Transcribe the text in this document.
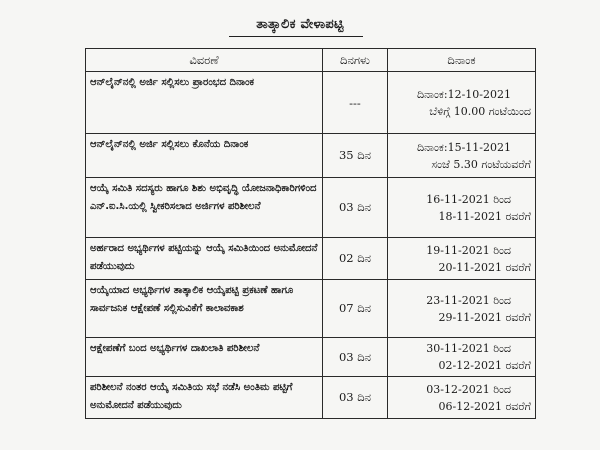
ತಾತ್ಕಾಲಿಕ ವೇಳಾಪಟ್ಟಿ
ವಿವರಣೆ	ದಿನಗಳು	ದಿನಾಂಕ
ಆನ್‌ಲೈನ್‌ನಲ್ಲಿ ಅರ್ಜಿ ಸಲ್ಲಿಸಲು ಪ್ರಾರಂಭದ ದಿನಾಂಕ	---	ದಿನಾಂಕ:12-10-2021
ಬೆಳಿಗ್ಗೆ 10.00 ಗಂಟೆಯಿಂದ

ಆನ್‌ಲೈನ್‌ನಲ್ಲಿ ಅರ್ಜಿ ಸಲ್ಲಿಸಲು ಕೊನೆಯ ದಿನಾಂಕ	35 ದಿನ	ದಿನಾಂಕ:15-11-2021
ಸಂಜೆ 5.30 ಗಂಟೆಯವರೆಗೆ

ಆಯ್ಕೆ ಸಮಿತಿ ಸದಸ್ಯರು ಹಾಗೂ ಶಿಶು ಅಭಿವೃದ್ಧಿ ಯೋಜನಾಧಿಕಾರಿಗಳಿಂದ ಎನ್.ಐ.ಸಿ.ಯಲ್ಲಿ ಸ್ವೀಕರಿಸಲಾದ ಅರ್ಜಿಗಳ ಪರಿಶೀಲನೆ	03 ದಿನ	16-11-2021 ರಿಂದ
18-11-2021 ರವರೆಗೆ

ಅರ್ಹರಾದ ಅಭ್ಯರ್ಥಿಗಳ ಪಟ್ಟಿಯನ್ನು ಆಯ್ಕೆ ಸಮಿತಿಯಿಂದ ಅನುಮೋದನೆ ಪಡೆಯುವುದು	02 ದಿನ	19-11-2021 ರಿಂದ
20-11-2021 ರವರೆಗೆ

ಆಯ್ಕೆಯಾದ ಅಭ್ಯರ್ಥಿಗಳ ತಾತ್ಕಾಲಿಕ ಆಯ್ಕೆಪಟ್ಟಿ ಪ್ರಕಟಣೆ ಹಾಗೂ ಸಾರ್ವಜನಿಕ ಆಕ್ಷೇಪಣೆ ಸಲ್ಲಿಸುವಿಕೆಗೆ ಕಾಲಾವಕಾಶ	07 ದಿನ	23-11-2021 ರಿಂದ
29-11-2021 ರವರೆಗೆ

ಆಕ್ಷೇಪಣೆಗೆ ಬಂದ ಅಭ್ಯರ್ಥಿಗಳ ದಾಖಲಾತಿ ಪರಿಶೀಲನೆ	03 ದಿನ	30-11-2021 ರಿಂದ
02-12-2021 ರವರೆಗೆ

ಪರಿಶೀಲನೆ ನಂತರ ಆಯ್ಕೆ ಸಮಿತಿಯ ಸಭೆ ನಡೆಸಿ ಅಂತಿಮ ಪಟ್ಟಿಗೆ ಅನುಮೋದನೆ ಪಡೆಯುವುದು	03 ದಿನ	03-12-2021 ರಿಂದ
06-12-2021 ರವರೆಗೆ
